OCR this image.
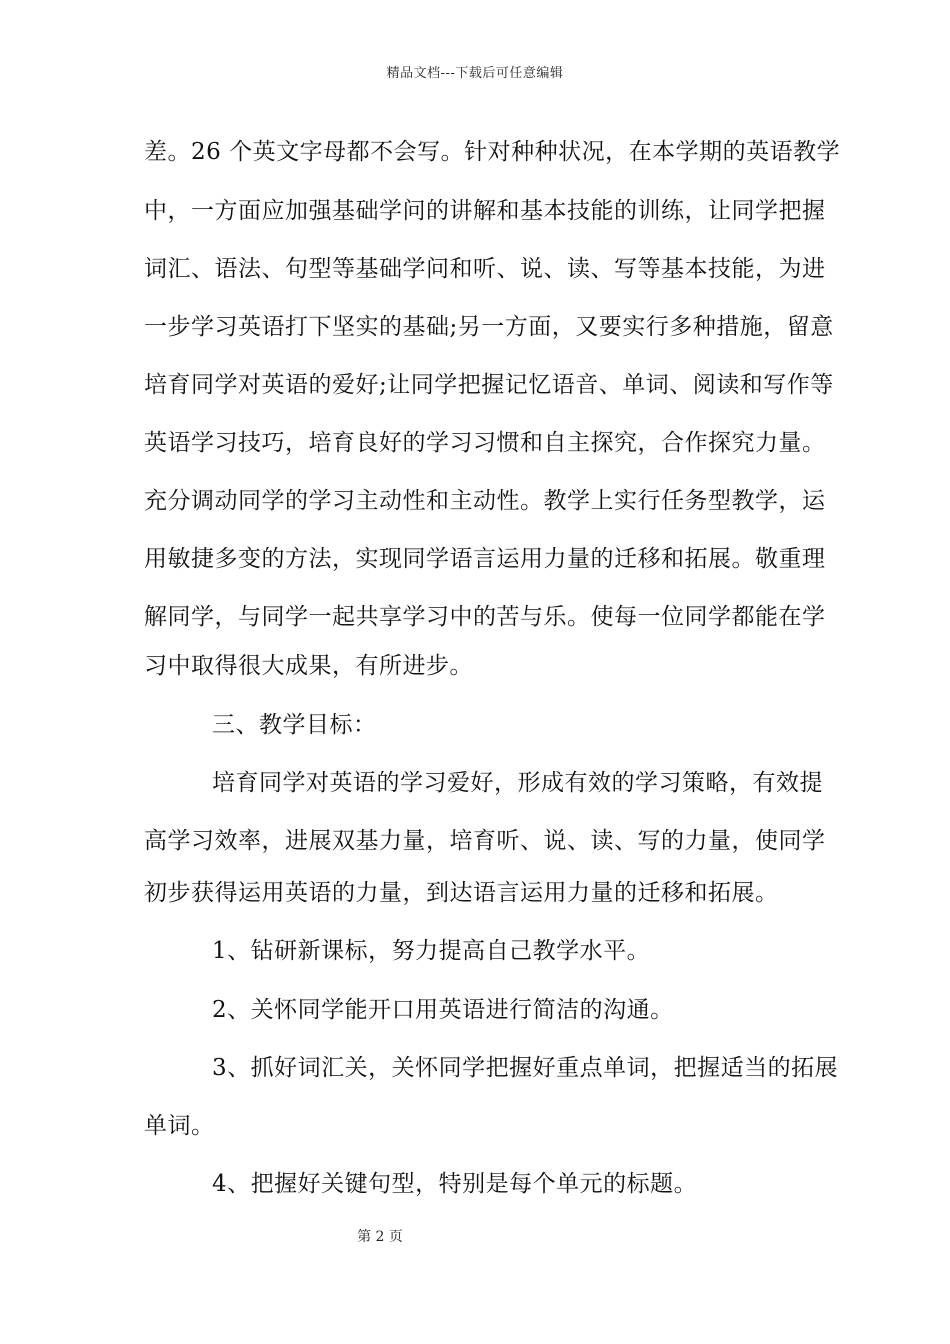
精品文档---下载后可任意编辑
差。26 个英文字母都不会写。针对种种状况，在本学期的英语教学
中，一方面应加强基础学问的讲解和基本技能的训练，让同学把握
词汇、语法、句型等基础学问和听、说、读、写等基本技能，为进
一步学习英语打下坚实的基础;另一方面，又要实行多种措施，留意
培育同学对英语的爱好;让同学把握记忆语音、单词、阅读和写作等
英语学习技巧，培育良好的学习习惯和自主探究，合作探究力量。
充分调动同学的学习主动性和主动性。教学上实行任务型教学，运
用敏捷多变的方法，实现同学语言运用力量的迁移和拓展。敬重理
解同学，与同学一起共享学习中的苦与乐。使每一位同学都能在学
习中取得很大成果，有所进步。
三、教学目标：
培育同学对英语的学习爱好，形成有效的学习策略，有效提
高学习效率，进展双基力量，培育听、说、读、写的力量，使同学
初步获得运用英语的力量，到达语言运用力量的迁移和拓展。
1、钻研新课标，努力提高自己教学水平。
2、关怀同学能开口用英语进行简洁的沟通。
3、抓好词汇关，关怀同学把握好重点单词，把握适当的拓展
单词。
4、把握好关键句型，特别是每个单元的标题。
第 2 页
